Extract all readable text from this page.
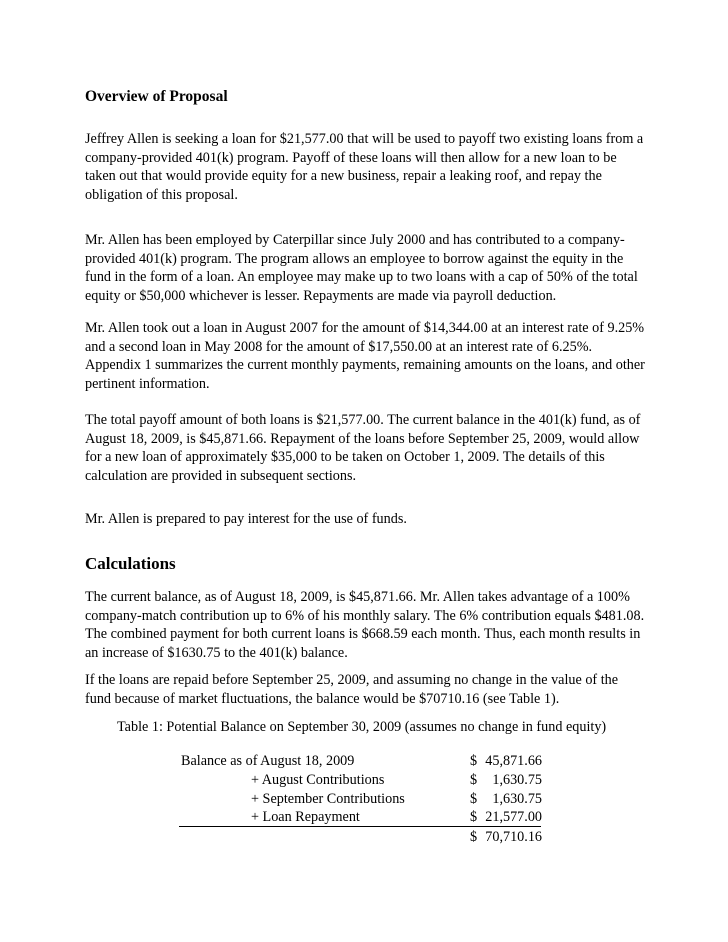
Overview of Proposal

Jeffrey Allen is seeking a loan for $21,577.00 that will be used to payoff two existing loans from a company-provided 401(k) program. Payoff of these loans will then allow for a new loan to be taken out that would provide equity for a new business, repair a leaking roof, and repay the obligation of this proposal.

Mr. Allen has been employed by Caterpillar since July 2000 and has contributed to a company-provided 401(k) program. The program allows an employee to borrow against the equity in the fund in the form of a loan. An employee may make up to two loans with a cap of 50% of the total equity or $50,000 whichever is lesser. Repayments are made via payroll deduction.

Mr. Allen took out a loan in August 2007 for the amount of $14,344.00 at an interest rate of 9.25% and a second loan in May 2008 for the amount of $17,550.00 at an interest rate of 6.25%. Appendix 1 summarizes the current monthly payments, remaining amounts on the loans, and other pertinent information.

The total payoff amount of both loans is $21,577.00. The current balance in the 401(k) fund, as of August 18, 2009, is $45,871.66. Repayment of the loans before September 25, 2009, would allow for a new loan of approximately $35,000 to be taken on October 1, 2009. The details of this calculation are provided in subsequent sections.

Mr. Allen is prepared to pay interest for the use of funds.

Calculations

The current balance, as of August 18, 2009, is $45,871.66. Mr. Allen takes advantage of a 100% company-match contribution up to 6% of his monthly salary. The 6% contribution equals $481.08. The combined payment for both current loans is $668.59 each month. Thus, each month results in an increase of $1630.75 to the 401(k) balance.

If the loans are repaid before September 25, 2009, and assuming no change in the value of the fund because of market fluctuations, the balance would be $70710.16 (see Table 1).

Table 1: Potential Balance on September 30, 2009 (assumes no change in fund equity)

Balance as of August 18, 2009	$ 45,871.66
+ August Contributions	$ 1,630.75
+ September Contributions	$ 1,630.75
+ Loan Repayment	$ 21,577.00
$ 70,710.16
